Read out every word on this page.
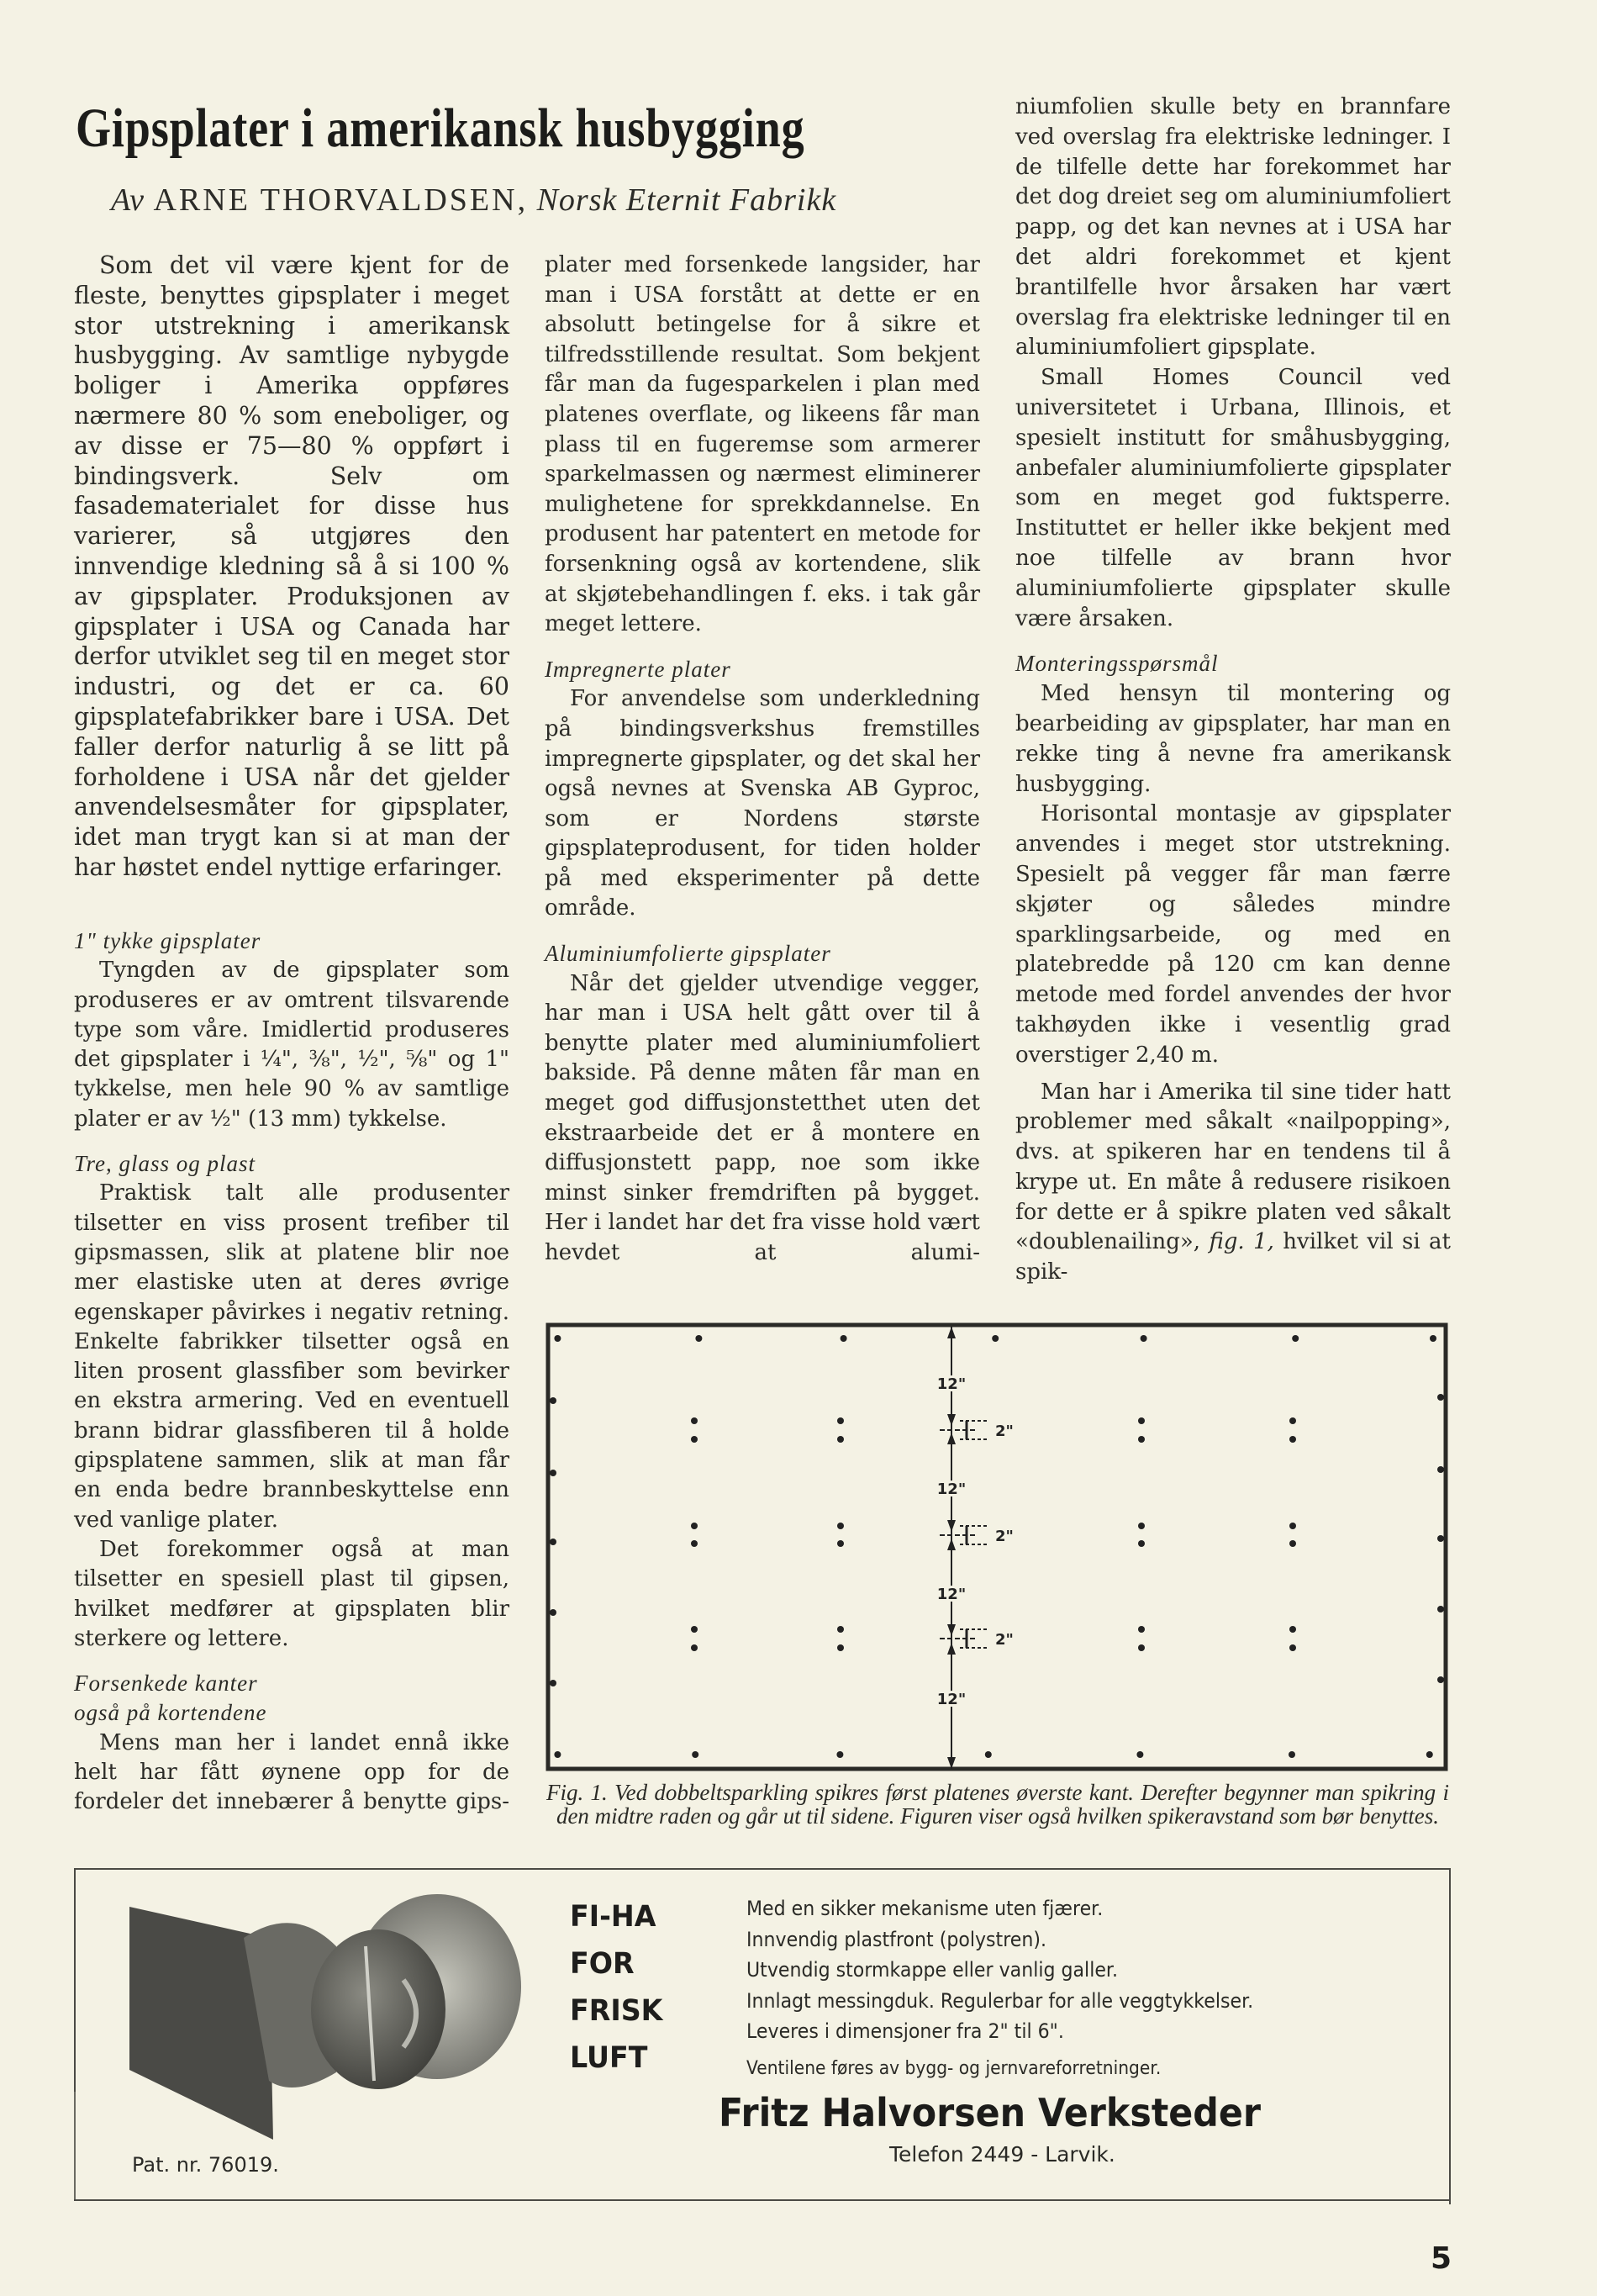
Gipsplater i amerikansk husbygging
Av ARNE THORVALDSEN, Norsk Eternit Fabrikk

Som det vil være kjent for de fleste, benyttes gipsplater i meget stor utstrekning i amerikansk husbygging. Av samtlige nybygde boliger i Amerika oppføres nærmere 80 % som eneboliger, og av disse er 75—80 % oppført i bindingsverk. Selv om fasadematerialet for disse hus varierer, så utgjøres den innvendige kledning så å si 100 % av gipsplater. Produksjonen av gipsplater i USA og Canada har derfor utviklet seg til en meget stor industri, og det er ca. 60 gipsplatefabrikker bare i USA. Det faller derfor naturlig å se litt på forholdene i USA når det gjelder anvendelsesmåter for gipsplater, idet man trygt kan si at man der har høstet endel nyttige erfaringer.

1" tykke gipsplater

Tyngden av de gipsplater som produseres er av omtrent tilsvarende type som våre. Imidlertid produseres det gipsplater i ¼", ⅜", ½", ⅝" og 1" tykkelse, men hele 90 % av samtlige plater er av ½" (13 mm) tykkelse.

Tre, glass og plast

Praktisk talt alle produsenter tilsetter en viss prosent trefiber til gipsmassen, slik at platene blir noe mer elastiske uten at deres øvrige egenskaper påvirkes i negativ retning. Enkelte fabrikker tilsetter også en liten prosent glassfiber som bevirker en ekstra armering. Ved en eventuell brann bidrar glassfiberen til å holde gipsplatene sammen, slik at man får en enda bedre brannbeskyttelse enn ved vanlige plater.

Det forekommer også at man tilsetter en spesiell plast til gipsen, hvilket medfører at gipsplaten blir sterkere og lettere.

Forsenkede kanter
også på kortendene

Mens man her i landet ennå ikke helt har fått øynene opp for de fordeler det innebærer å benytte gips-

plater med forsenkede langsider, har man i USA forstått at dette er en absolutt betingelse for å sikre et tilfredsstillende resultat. Som bekjent får man da fugesparkelen i plan med platenes overflate, og likeens får man plass til en fugeremse som armerer sparkelmassen og nærmest eliminerer mulighetene for sprekkdannelse. En produsent har patentert en metode for forsenkning også av kortendene, slik at skjøtebehandlingen f. eks. i tak går meget lettere.

Impregnerte plater

For anvendelse som underkledning på bindingsverkshus fremstilles impregnerte gipsplater, og det skal her også nevnes at Svenska AB Gyproc, som er Nordens største gipsplateprodusent, for tiden holder på med eksperimenter på dette område.

Aluminiumfolierte gipsplater

Når det gjelder utvendige vegger, har man i USA helt gått over til å benytte plater med aluminiumfoliert bakside. På denne måten får man en meget god diffusjonstetthet uten det ekstraarbeide det er å montere en diffusjonstett papp, noe som ikke minst sinker fremdriften på bygget. Her i landet har det fra visse hold vært hevdet at alumi-

niumfolien skulle bety en brannfare ved overslag fra elektriske ledninger. I de tilfelle dette har forekommet har det dog dreiet seg om aluminiumfoliert papp, og det kan nevnes at i USA har det aldri forekommet et kjent brantilfelle hvor årsaken har vært overslag fra elektriske ledninger til en aluminiumfoliert gipsplate.

Small Homes Council ved universitetet i Urbana, Illinois, et spesielt institutt for småhusbygging, anbefaler aluminiumfolierte gipsplater som en meget god fuktsperre. Instituttet er heller ikke bekjent med noe tilfelle av brann hvor aluminiumfolierte gipsplater skulle være årsaken.

Monteringsspørsmål

Med hensyn til montering og bearbeiding av gipsplater, har man en rekke ting å nevne fra amerikansk husbygging.

Horisontal montasje av gipsplater anvendes i meget stor utstrekning. Spesielt på vegger får man færre skjøter og således mindre sparklingsarbeide, og med en platebredde på 120 cm kan denne metode med fordel anvendes der hvor takhøyden ikke i vesentlig grad overstiger 2,40 m.

Man har i Amerika til sine tider hatt problemer med såkalt «nailpopping», dvs. at spikeren har en tendens til å krype ut. En måte å redusere risikoen for dette er å spikre platen ved såkalt «doublenailing», fig. 1, hvilket vil si at spik-

12"
12"
12"
12"
2"
2"
2"
Fig. 1. Ved dobbeltsparkling spikres først platenes øverste kant. Derefter begynner man spikring i den midtre raden og går ut til sidene. Figuren viser også hvilken spikeravstand som bør benyttes.
Pat. nr. 76019.
FI-HA
FOR
FRISK
LUFT
Med en sikker mekanisme uten fjærer.
Innvendig plastfront (polystren).
Utvendig stormkappe eller vanlig galler.
Innlagt messingduk. Regulerbar for alle veggtykkelser.
Leveres i dimensjoner fra 2" til 6".
Ventilene føres av bygg- og jernvareforretninger.
Fritz Halvorsen Verksteder
Telefon 2449 - Larvik.
5
